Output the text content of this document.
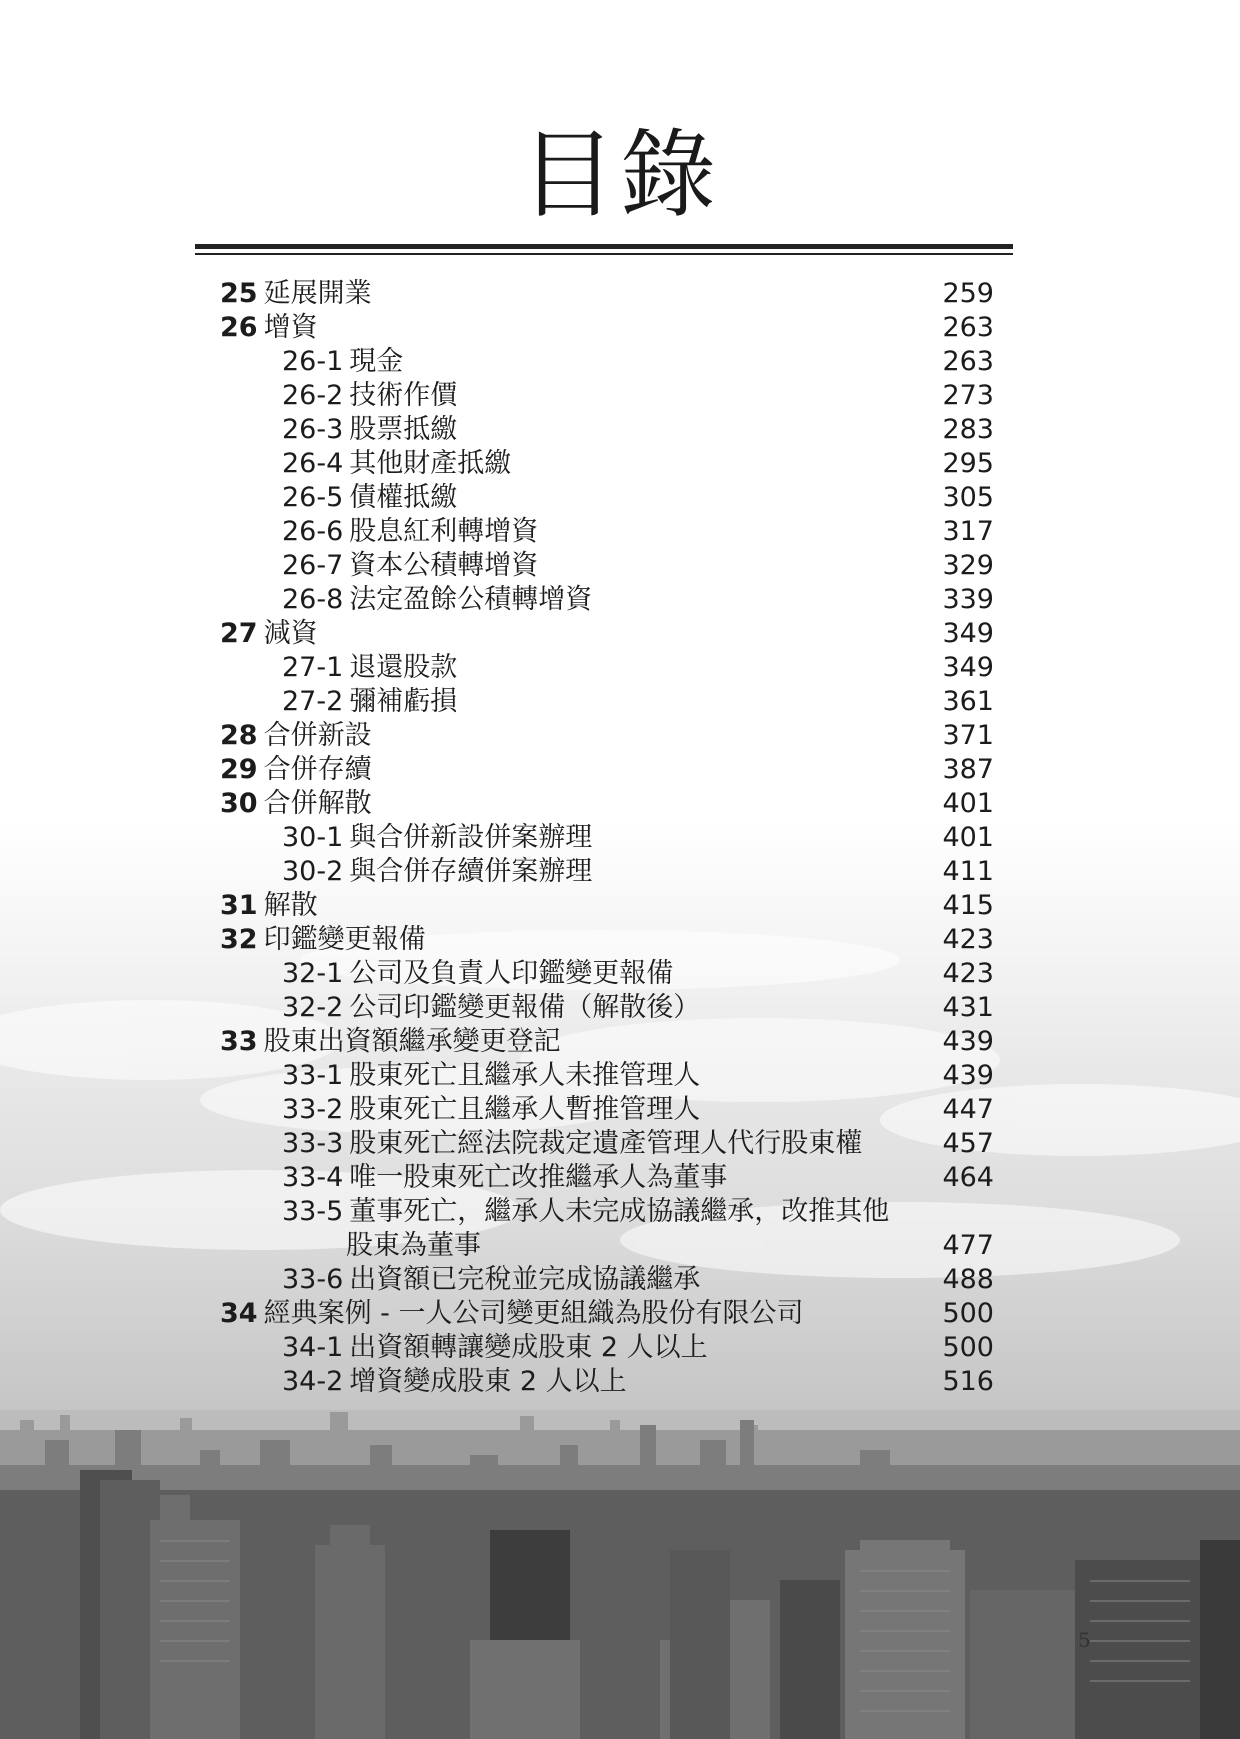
目錄
25 延展開業	259
26 增資	263
26-1 現金	263
26-2 技術作價	273
26-3 股票抵繳	283
26-4 其他財產抵繳	295
26-5 債權抵繳	305
26-6 股息紅利轉增資	317
26-7 資本公積轉增資	329
26-8 法定盈餘公積轉增資	339
27 減資	349
27-1 退還股款	349
27-2 彌補虧損	361
28 合併新設	371
29 合併存續	387
30 合併解散	401
30-1 與合併新設併案辦理	401
30-2 與合併存續併案辦理	411
31 解散	415
32 印鑑變更報備	423
32-1 公司及負責人印鑑變更報備	423
32-2 公司印鑑變更報備（解散後）	431
33 股東出資額繼承變更登記	439
33-1 股東死亡且繼承人未推管理人	439
33-2 股東死亡且繼承人暫推管理人	447
33-3 股東死亡經法院裁定遺產管理人代行股東權	457
33-4 唯一股東死亡改推繼承人為董事	464
33-5 董事死亡，繼承人未完成協議繼承，改推其他
股東為董事	477
33-6 出資額已完稅並完成協議繼承	488
34 經典案例 - 一人公司變更組織為股份有限公司	500
34-1 出資額轉讓變成股東 2 人以上	500
34-2 增資變成股東 2 人以上	516
5
